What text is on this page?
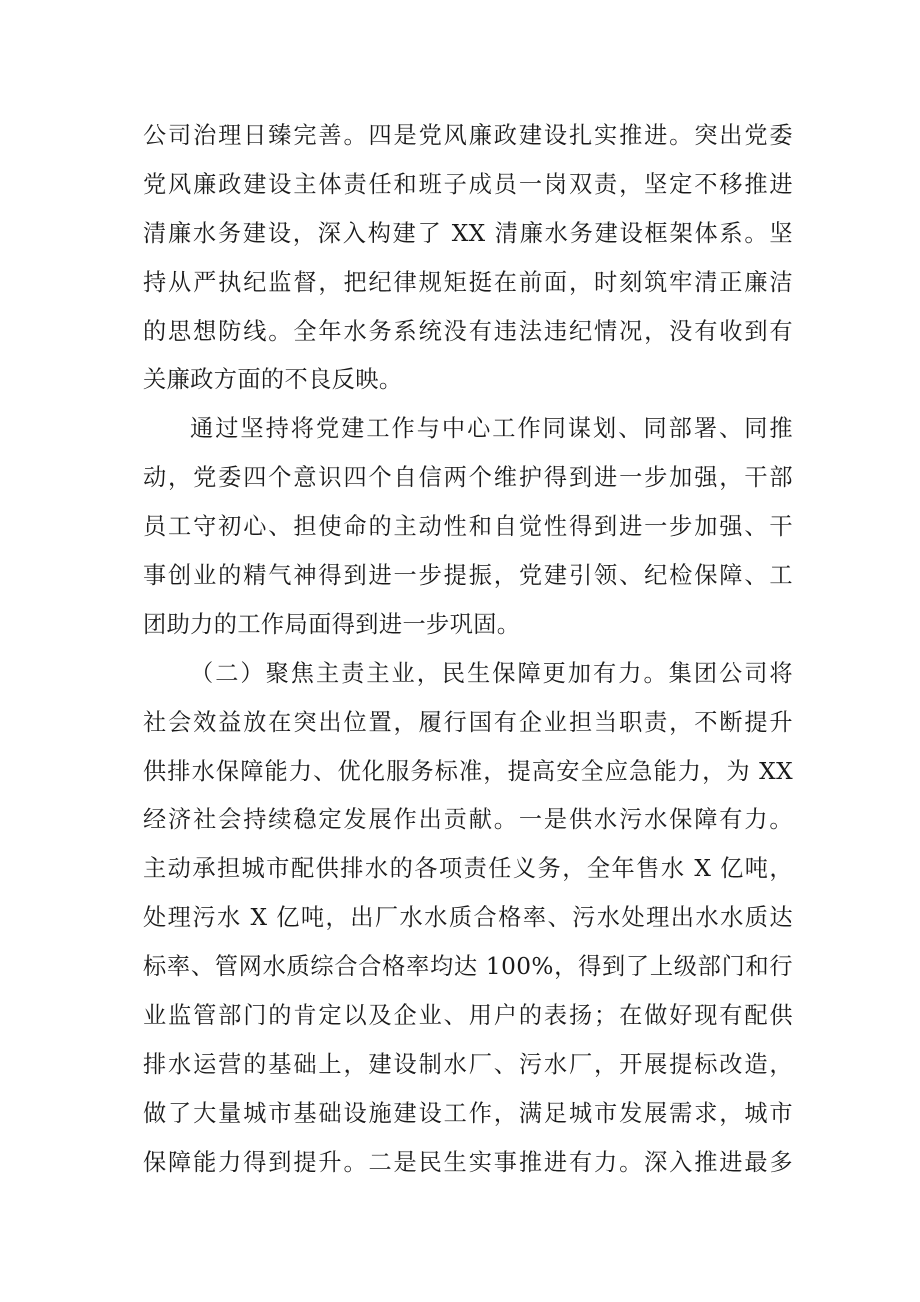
公司治理日臻完善。四是党风廉政建设扎实推进。突出党委
党风廉政建设主体责任和班子成员一岗双责，坚定不移推进
清廉水务建设，深入构建了 XX 清廉水务建设框架体系。坚
持从严执纪监督，把纪律规矩挺在前面，时刻筑牢清正廉洁
的思想防线。全年水务系统没有违法违纪情况，没有收到有
关廉政方面的不良反映。
通过坚持将党建工作与中心工作同谋划、同部署、同推
动，党委四个意识四个自信两个维护得到进一步加强，干部
员工守初心、担使命的主动性和自觉性得到进一步加强、干
事创业的精气神得到进一步提振，党建引领、纪检保障、工
团助力的工作局面得到进一步巩固。
（二）聚焦主责主业，民生保障更加有力。集团公司将
社会效益放在突出位置，履行国有企业担当职责，不断提升
供排水保障能力、优化服务标准，提高安全应急能力，为 XX
经济社会持续稳定发展作出贡献。一是供水污水保障有力。
主动承担城市配供排水的各项责任义务，全年售水 X 亿吨，
处理污水 X 亿吨，出厂水水质合格率、污水处理出水水质达
标率、管网水质综合合格率均达 100%，得到了上级部门和行
业监管部门的肯定以及企业、用户的表扬；在做好现有配供
排水运营的基础上，建设制水厂、污水厂，开展提标改造，
做了大量城市基础设施建设工作，满足城市发展需求，城市
保障能力得到提升。二是民生实事推进有力。深入推进最多
